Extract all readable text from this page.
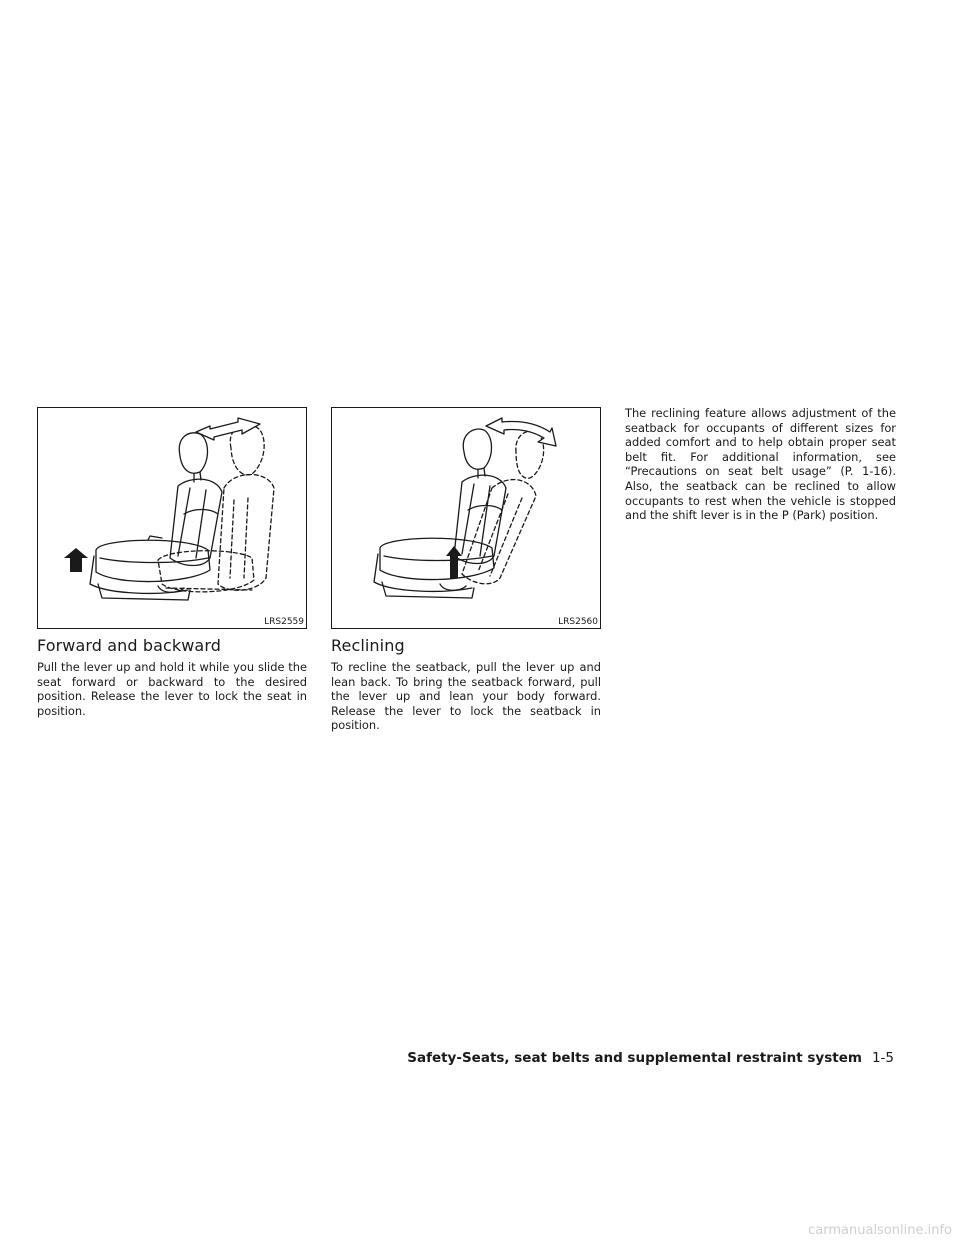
LRS2559	LRS2560
Forward and backward

Pull the lever up and hold it while you slide the seat forward or backward to the desired position. Release the lever to lock the seat in position.

Reclining

To recline the seatback, pull the lever up and lean back. To bring the seatback forward, pull the lever up and lean your body forward. Release the lever to lock the seatback in position.

The reclining feature allows adjustment of the seatback for occupants of different sizes for added comfort and to help obtain proper seat belt fit. For additional information, see “Precautions on seat belt usage” (P. 1-16). Also, the seatback can be reclined to allow occupants to rest when the vehicle is stopped and the shift lever is in the P (Park) position.

Safety-Seats, seat belts and supplemental restraint system 1-5
carmanualsonline.info
